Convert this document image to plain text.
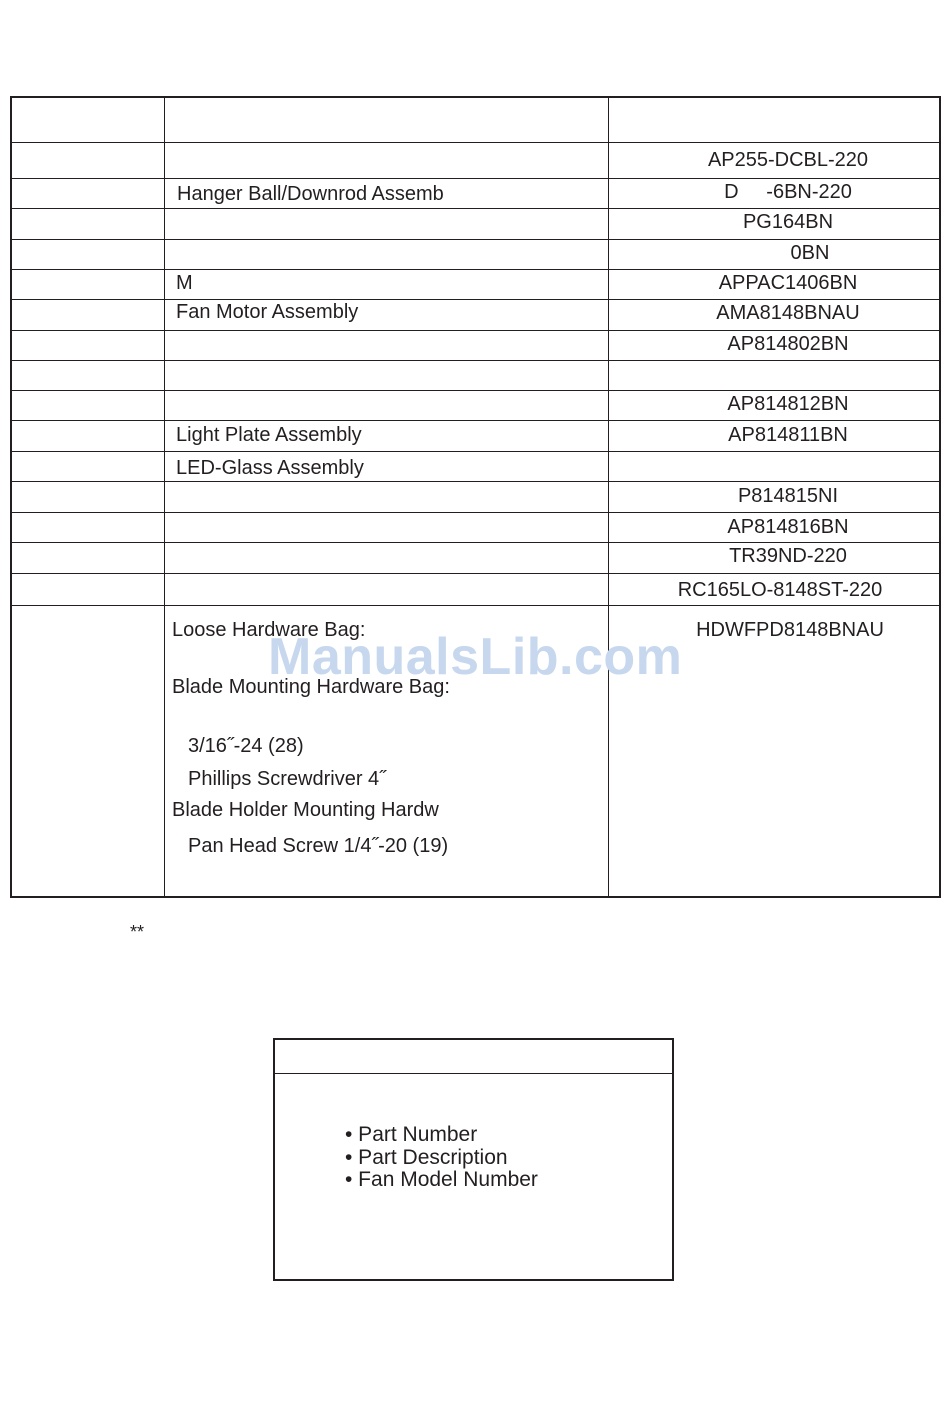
Hanger Ball/Downrod Assemb
M
Fan Motor Assembly
Light Plate Assembly
LED-Glass Assembly
AP255-DCBL-220
D     -6BN-220
PG164BN
0BN
APPAC1406BN
AMA8148BNAU
AP814802BN
AP814812BN
AP814811BN
P814815NI
AP814816BN
TR39ND-220
RC165LO-8148ST-220
Loose Hardware Bag:
Blade Mounting Hardware Bag:
3/16˝-24 (28)
Phillips Screwdriver 4˝
Blade Holder Mounting Hardw
Pan Head Screw 1/4˝-20 (19)
HDWFPD8148BNAU
ManualsLib.com
**
• Part Number
• Part Description
• Fan Model Number
